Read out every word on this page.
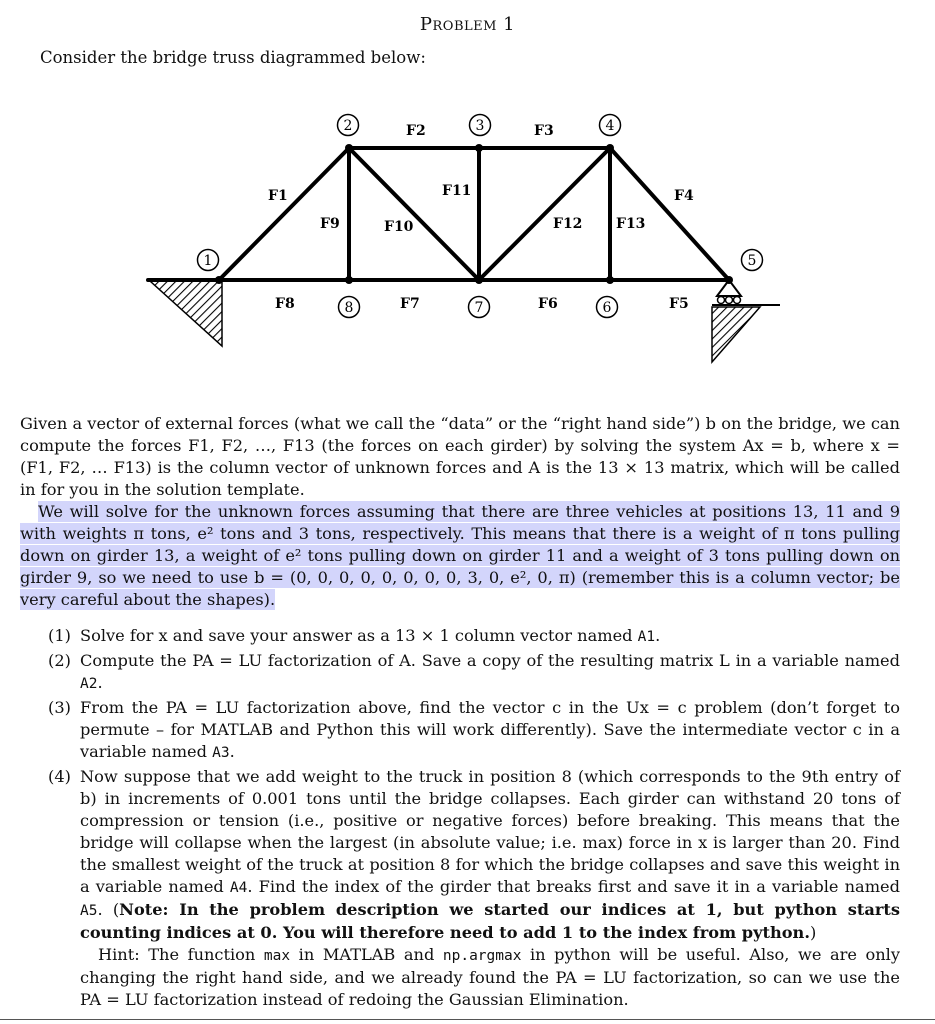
Problem 1
Consider the bridge truss diagrammed below:
1
2	3	4
5
6
7
8
F1
F2	F3
F4
F5
F6
F7
F8
F9	F10
F11
F12 F13

Given a vector of external forces (what we call the “data” or the “right hand side”) b on the bridge, we can compute the forces F1, F2, …, F13 (the forces on each girder) by solving the system Ax = b, where x = (F1, F2, … F13) is the column vector of unknown forces and A is the 13 × 13 matrix, which will be called in for you in the solution template.

We will solve for the unknown forces assuming that there are three vehicles at positions 13, 11 and 9 with weights π tons, e² tons and 3 tons, respectively. This means that there is a weight of π tons pulling down on girder 13, a weight of e² tons pulling down on girder 11 and a weight of 3 tons pulling down on girder 9, so we need to use b = (0, 0, 0, 0, 0, 0, 0, 0, 3, 0, e², 0, π) (remember this is a column vector; be very careful about the shapes).

(1) Solve for x and save your answer as a 13 × 1 column vector named A1.
(2) Compute the PA = LU factorization of A. Save a copy of the resulting matrix L in a variable named A2.
(3) From the PA = LU factorization above, find the vector c in the Ux = c problem (don’t forget to permute – for MATLAB and Python this will work differently). Save the intermediate vector c in a variable named A3.
(4) Now suppose that we add weight to the truck in position 8 (which corresponds to the 9th entry of b) in increments of 0.001 tons until the bridge collapses. Each girder can withstand 20 tons of compression or tension (i.e., positive or negative forces) before breaking. This means that the bridge will collapse when the largest (in absolute value; i.e. max) force in x is larger than 20. Find the smallest weight of the truck at position 8 for which the bridge collapses and save this weight in a variable named A4. Find the index of the girder that breaks first and save it in a variable named A5. (Note: In the problem description we started our indices at 1, but python starts counting indices at 0. You will therefore need to add 1 to the index from python.)
Hint: The function max in MATLAB and np.argmax in python will be useful. Also, we are only changing the right hand side, and we already found the PA = LU factorization, so can we use the PA = LU factorization instead of redoing the Gaussian Elimination.
